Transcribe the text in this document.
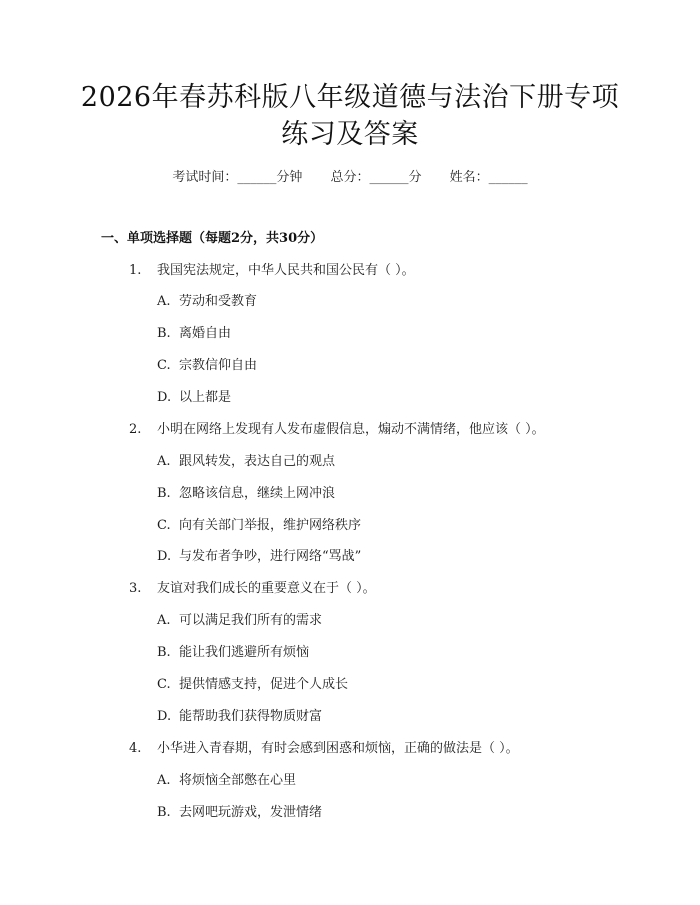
2026年春苏科版八年级道德与法治下册专项
练习及答案
考试时间：______分钟 总分：______分 姓名：______
一、单项选择题（每题2分，共30分）
1. 我国宪法规定，中华人民共和国公民有（ ）。
A. 劳动和受教育
B. 离婚自由
C. 宗教信仰自由
D. 以上都是
2. 小明在网络上发现有人发布虚假信息，煽动不满情绪，他应该（ ）。
A. 跟风转发，表达自己的观点
B. 忽略该信息，继续上网冲浪
C. 向有关部门举报，维护网络秩序
D. 与发布者争吵，进行网络“骂战”
3. 友谊对我们成长的重要意义在于（ ）。
A. 可以满足我们所有的需求
B. 能让我们逃避所有烦恼
C. 提供情感支持，促进个人成长
D. 能帮助我们获得物质财富
4. 小华进入青春期，有时会感到困惑和烦恼，正确的做法是（ ）。
A. 将烦恼全部憋在心里
B. 去网吧玩游戏，发泄情绪
